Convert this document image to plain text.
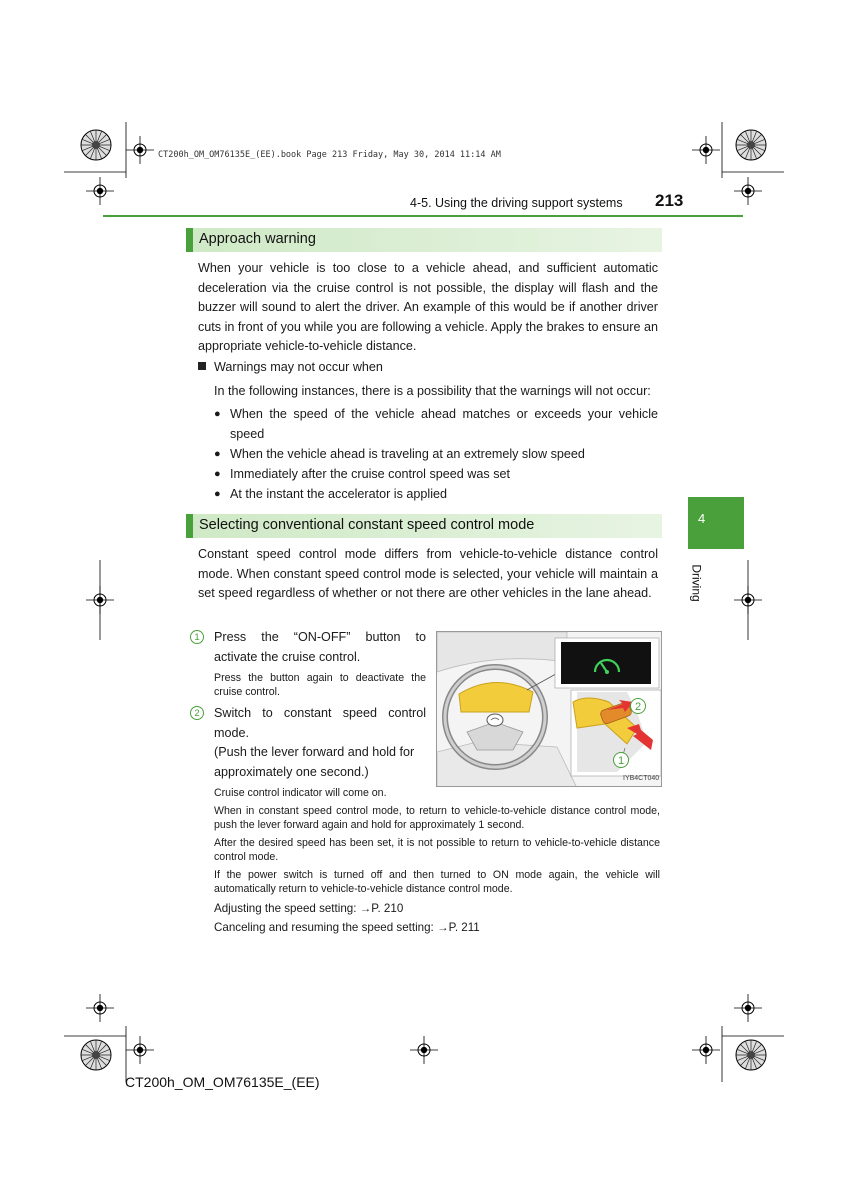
CT200h_OM_OM76135E_(EE).book Page 213 Friday, May 30, 2014 11:14 AM
4-5. Using the driving support systems 213
Approach warning
When your vehicle is too close to a vehicle ahead, and sufficient automatic deceleration via the cruise control is not possible, the display will flash and the buzzer will sound to alert the driver. An example of this would be if another driver cuts in front of you while you are following a vehicle. Apply the brakes to ensure an appropriate vehicle-to-vehicle distance.
Warnings may not occur when
In the following instances, there is a possibility that the warnings will not occur:
● When the speed of the vehicle ahead matches or exceeds your vehicle speed
● When the vehicle ahead is traveling at an extremely slow speed
● Immediately after the cruise control speed was set
● At the instant the accelerator is applied
Selecting conventional constant speed control mode
Constant speed control mode differs from vehicle-to-vehicle distance control mode. When constant speed control mode is selected, your vehicle will maintain a set speed regardless of whether or not there are other vehicles in the lane ahead.
1	Press the “ON-OFF” button to activate the cruise control.
Press the button again to deactivate the cruise control.
2	Switch to constant speed control mode.
(Push the lever forward and hold for approximately one second.)
Cruise control indicator will come on.
When in constant speed control mode, to return to vehicle-to-vehicle distance control mode, push the lever forward again and hold for approximately 1 second.
After the desired speed has been set, it is not possible to return to vehicle-to-vehicle distance control mode.
If the power switch is turned off and then turned to ON mode again, the vehicle will automatically return to vehicle-to-vehicle distance control mode.
Adjusting the speed setting: →P. 210
Canceling and resuming the speed setting: →P. 211
2
1
IYB4CT040
4
Driving
CT200h_OM_OM76135E_(EE)
